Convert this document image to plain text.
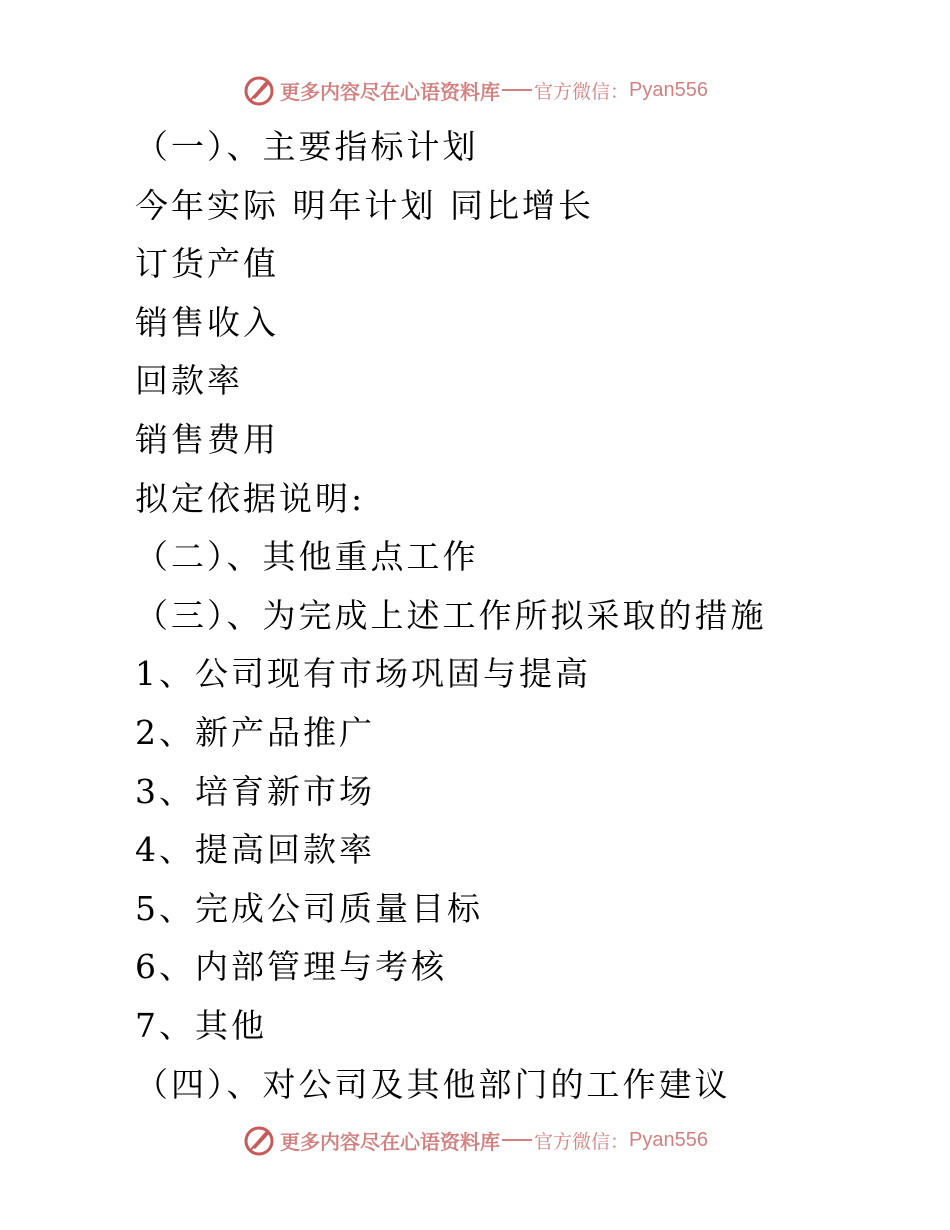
更多内容尽在心语资料库 官方微信： Pyan556
（一）、主要指标计划
今年实际 明年计划 同比增长
订货产值
销售收入
回款率
销售费用
拟定依据说明:
（二）、其他重点工作
（三）、为完成上述工作所拟采取的措施
1、公司现有市场巩固与提高
2、新产品推广
3、培育新市场
4、提高回款率
5、完成公司质量目标
6、内部管理与考核
7、其他
（四）、对公司及其他部门的工作建议
更多内容尽在心语资料库 官方微信： Pyan556
